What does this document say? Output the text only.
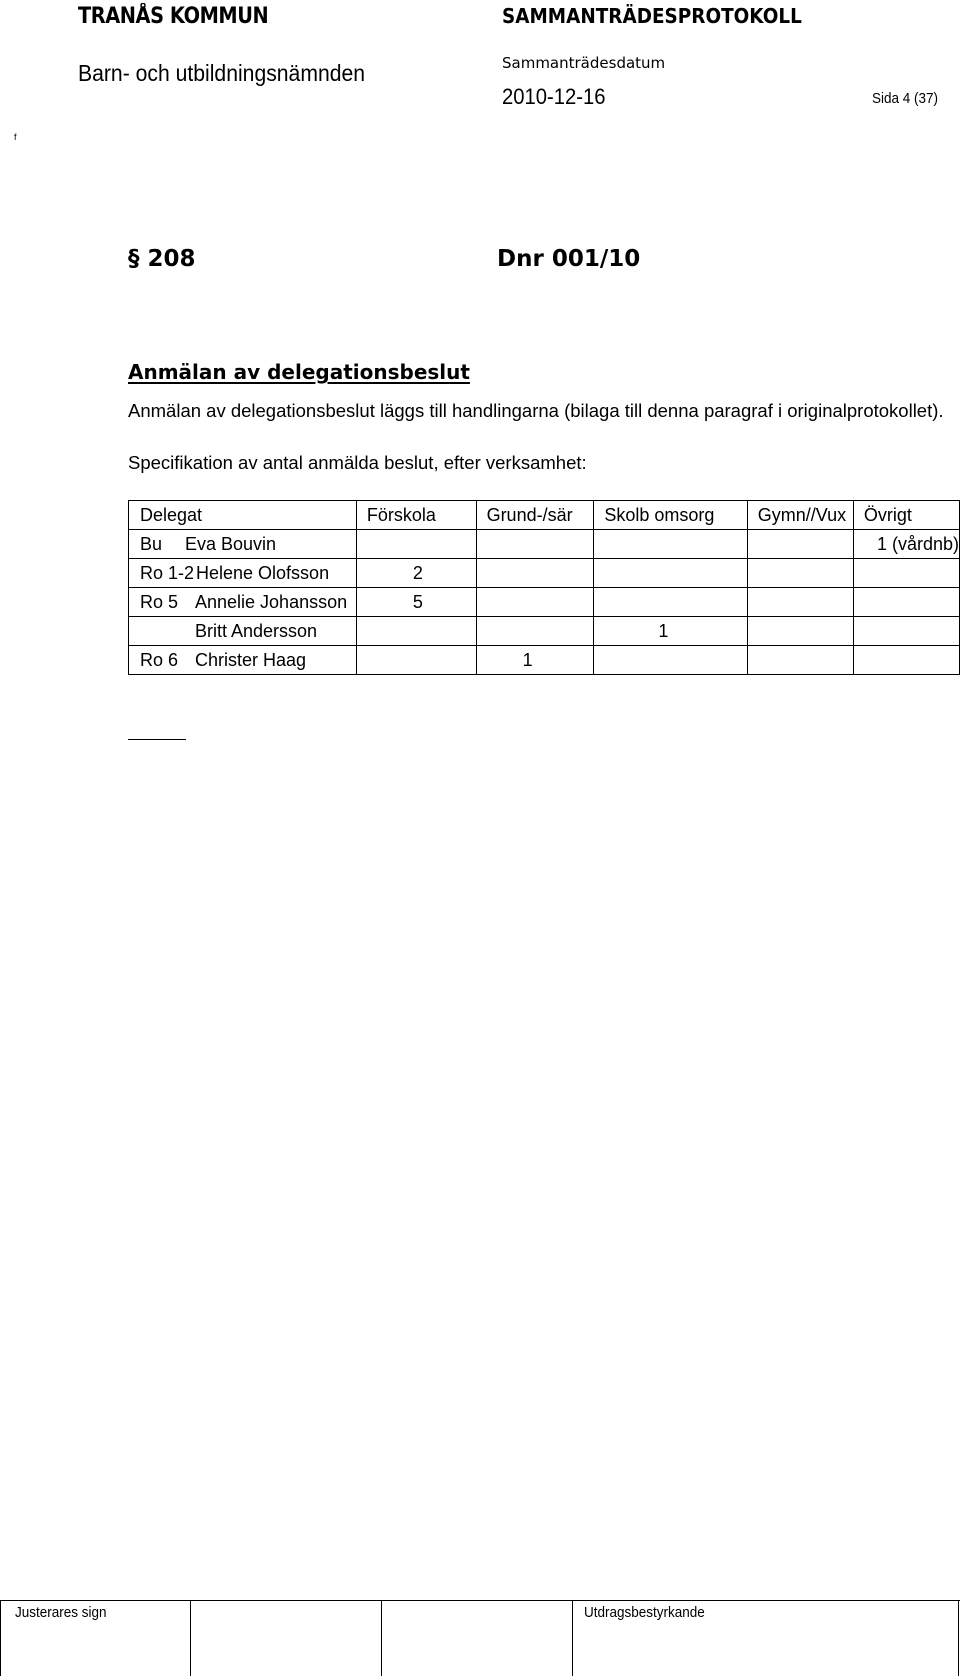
TRANÅS KOMMUN
Barn- och utbildningsnämnden
SAMMANTRÄDESPROTOKOLL
Sammanträdesdatum
2010-12-16	Sida 4 (37)
f
§ 208	Dnr 001/10
Anmälan av delegationsbeslut
Anmälan av delegationsbeslut läggs till handlingarna (bilaga till denna paragraf i originalprotokollet).
Specifikation av antal anmälda beslut, efter verksamhet:
Delegat	Förskola	Grund-/sär	Skolb omsorg	Gymn//Vux	Övrigt
Bu Eva Bouvin					1 (vårdnb)
Ro 1-2 Helene Olofsson	2				
Ro 5 Annelie Johansson	5				
Britt Andersson			1		
Ro 6 Christer Haag		1			
Justerares sign	Utdragsbestyrkande
